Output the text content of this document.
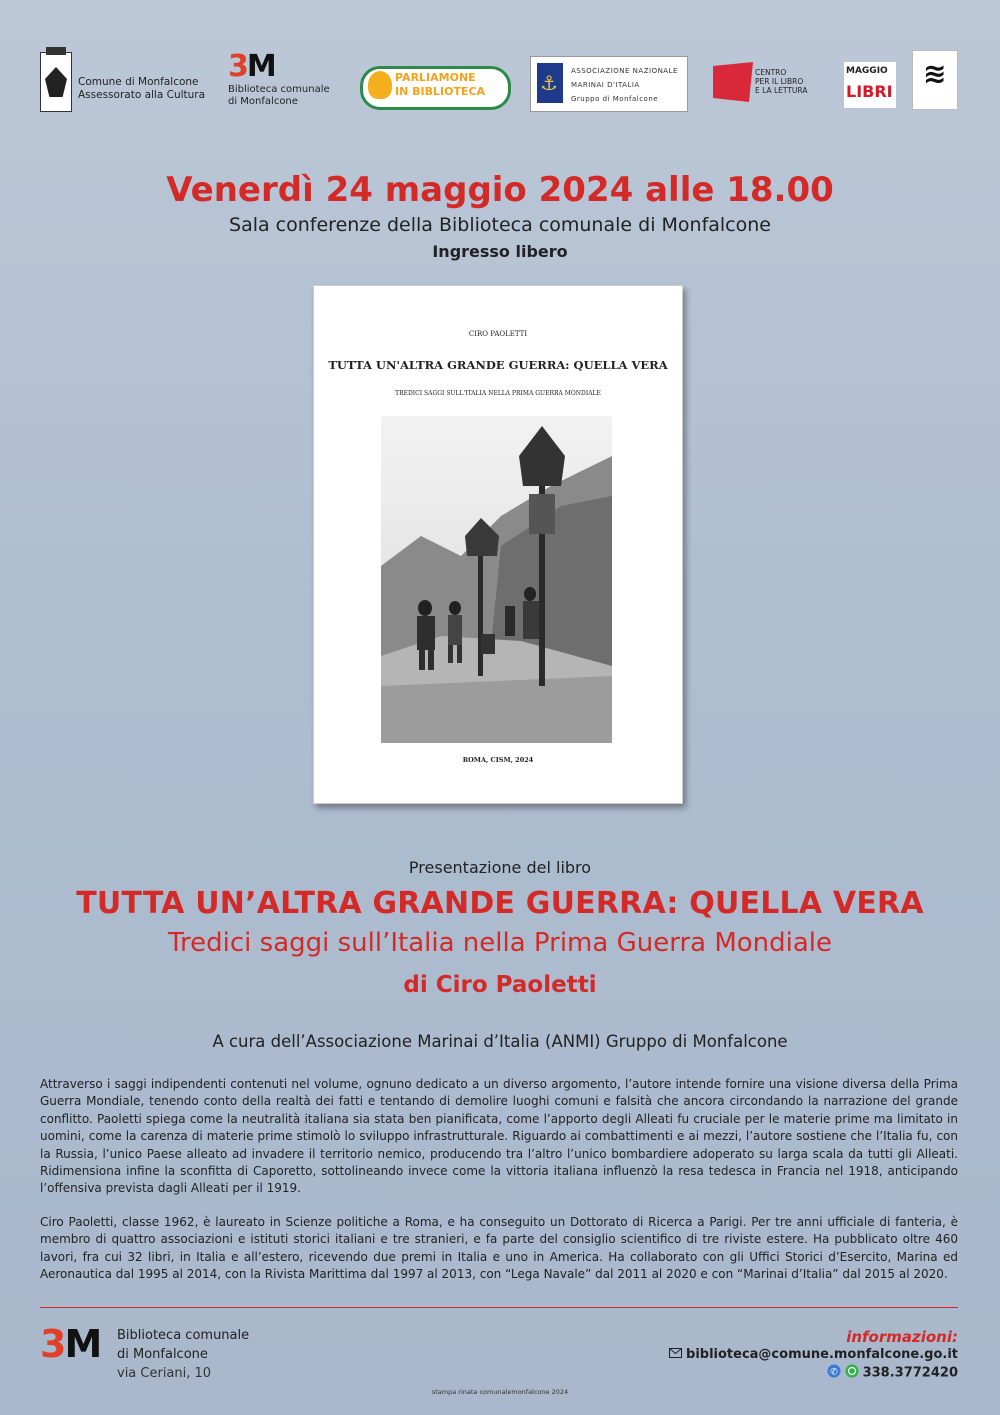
Comune di Monfalcone
Assessorato alla Cultura
3M
Biblioteca comunale
di Monfalcone
PARLIAMONE
IN BIBLIOTECA
⚓
ASSOCIAZIONE NAZIONALE
MARINAI D'ITALIA
Gruppo di Monfalcone
CENTRO
PER IL LIBRO
E LA LETTURA
MAGGIO
LIBRI
≋
Venerdì 24 maggio 2024 alle 18.00
Sala conferenze della Biblioteca comunale di Monfalcone
Ingresso libero
CIRO PAOLETTI
TUTTA UN'ALTRA GRANDE GUERRA: QUELLA VERA
TREDICI SAGGI SULL'ITALIA NELLA PRIMA GUERRA MONDIALE
ROMA, CISM, 2024
Presentazione del libro
TUTTA UN’ALTRA GRANDE GUERRA: QUELLA VERA
Tredici saggi sull’Italia nella Prima Guerra Mondiale
di Ciro Paoletti
A cura dell’Associazione Marinai d’Italia (ANMI) Gruppo di Monfalcone
Attraverso i saggi indipendenti contenuti nel volume, ognuno dedicato a un diverso argomento, l’autore intende fornire una visione diversa della Prima Guerra Mondiale, tenendo conto della realtà dei fatti e tentando di demolire luoghi comuni e falsità che ancora circondando la narrazione del grande conflitto. Paoletti spiega come la neutralità italiana sia stata ben pianificata, come l’apporto degli Alleati fu cruciale per le materie prime ma limitato in uomini, come la carenza di materie prime stimolò lo sviluppo infrastrutturale. Riguardo ai combattimenti e ai mezzi, l’autore sostiene che l’Italia fu, con la Russia, l’unico Paese alleato ad invadere il territorio nemico, producendo tra l’altro l’unico bombardiere adoperato su larga scala da tutti gli Alleati. Ridimensiona infine la sconfitta di Caporetto, sottolineando invece come la vittoria italiana influenzò la resa tedesca in Francia nel 1918, anticipando l’offensiva prevista dagli Alleati per il 1919.
Ciro Paoletti, classe 1962, è laureato in Scienze politiche a Roma, e ha conseguito un Dottorato di Ricerca a Parigi. Per tre anni ufficiale di fanteria, è membro di quattro associazioni e istituti storici italiani e tre stranieri, e fa parte del consiglio scientifico di tre riviste estere. Ha pubblicato oltre 460 lavori, fra cui 32 libri, in Italia e all’estero, ricevendo due premi in Italia e uno in America. Ha collaborato con gli Uffici Storici d’Esercito, Marina ed Aeronautica dal 1995 al 2014, con la Rivista Marittima dal 1997 al 2013, con “Lega Navale” dal 2011 al 2020 e con “Marinai d’Italia” dal 2015 al 2020.
3M Biblioteca comunale
di Monfalcone
via Ceriani, 10
informazioni:
biblioteca@comune.monfalcone.go.it
✆ 338.3772420
stampa rinata comunalemonfalcone 2024
